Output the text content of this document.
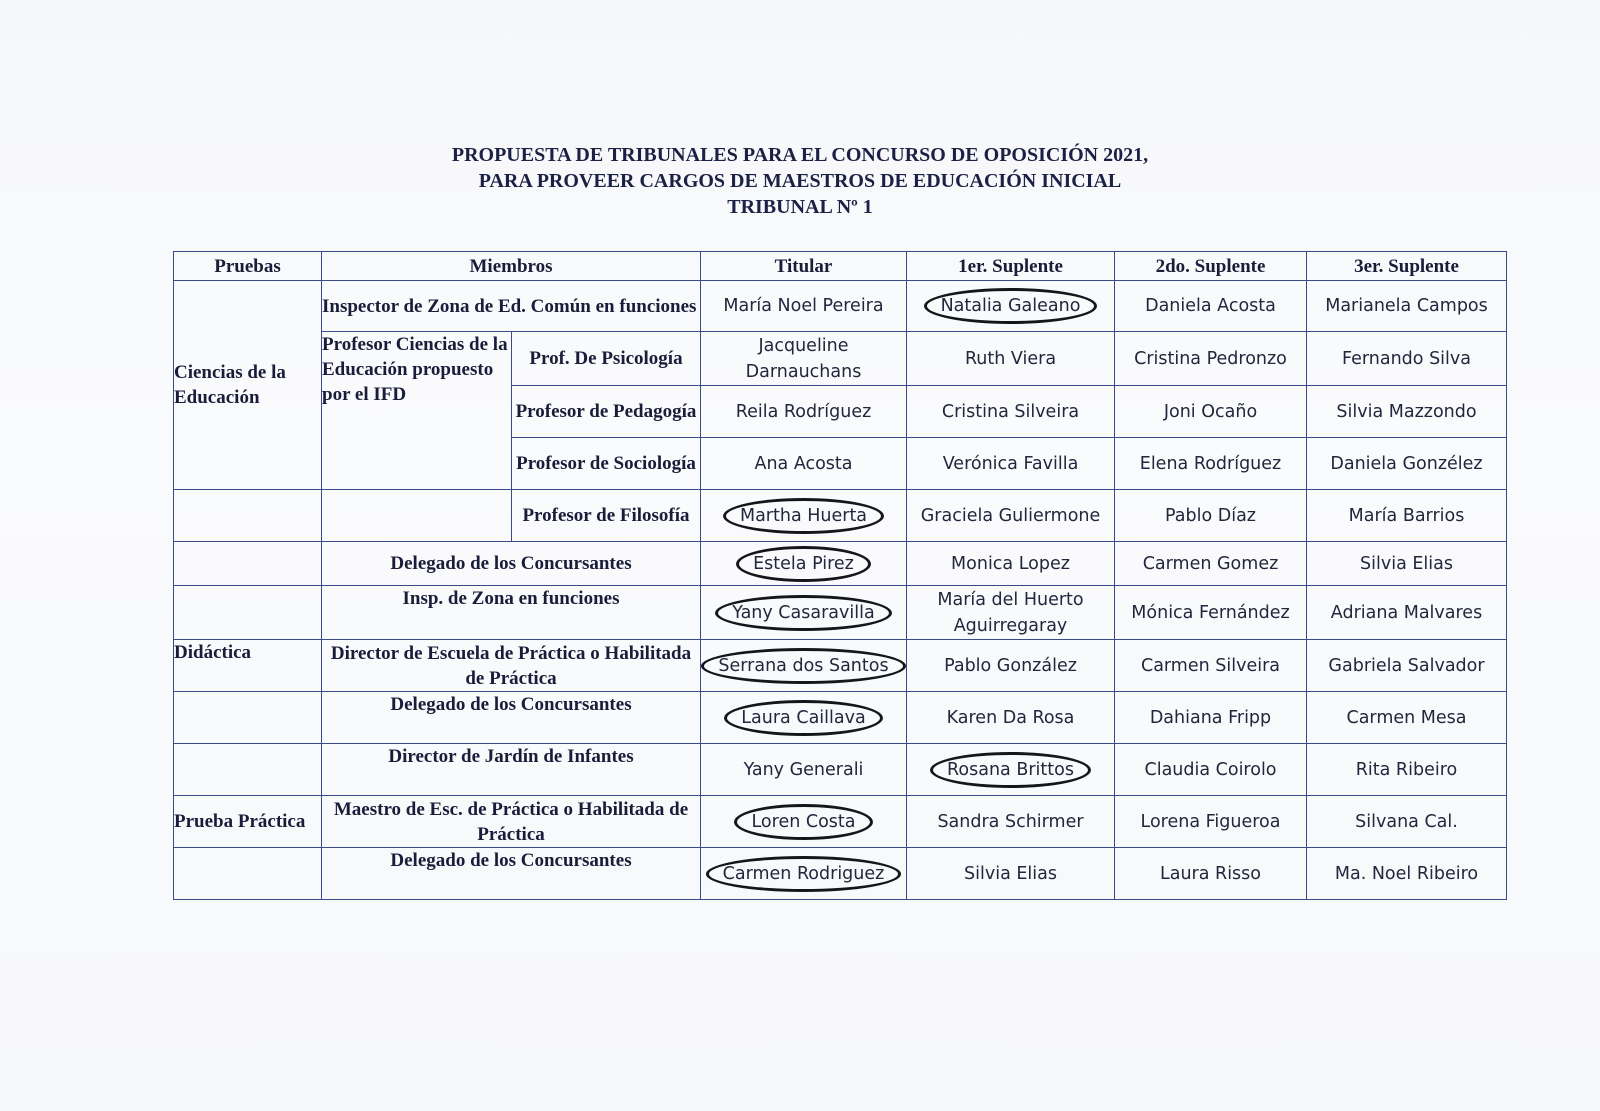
PROPUESTA DE TRIBUNALES PARA EL CONCURSO DE OPOSICIÓN 2021,
PARA PROVEER CARGOS DE MAESTROS DE EDUCACIÓN INICIAL
TRIBUNAL Nº 1
Pruebas	Miembros		Titular	1er. Suplente	2do. Suplente	3er. Suplente
Ciencias de la Educación	Inspector de Zona de Ed. Común en funciones		María Noel Pereira	Natalia Galeano	Daniela Acosta	Marianela Campos
	Profesor Ciencias de la Educación propuesto por el IFD	Prof. De Psicología	Jacqueline Darnauchans	Ruth Viera	Cristina Pedronzo	Fernando Silva
		Profesor de Pedagogía	Reila Rodríguez	Cristina Silveira	Joni Ocaño	Silvia Mazzondo
		Profesor de Sociología	Ana Acosta	Verónica Favilla	Elena Rodríguez	Daniela Gonzélez
		Profesor de Filosofía	Martha Huerta	Graciela Guliermone	Pablo Díaz	María Barrios
	Delegado de los Concursantes		Estela Pirez	Monica Lopez	Carmen Gomez	Silvia Elias
	Insp. de Zona en funciones		Yany Casaravilla	María del Huerto Aguirregaray	Mónica Fernández	Adriana Malvares
Didáctica	Director de Escuela de Práctica o Habilitada de Práctica		Serrana dos Santos	Pablo González	Carmen Silveira	Gabriela Salvador
	Delegado de los Concursantes		Laura Caillava	Karen Da Rosa	Dahiana Fripp	Carmen Mesa
	Director de Jardín de Infantes		Yany Generali	Rosana Brittos	Claudia Coirolo	Rita Ribeiro
Prueba Práctica	Maestro de Esc. de Práctica o Habilitada de Práctica		Loren Costa	Sandra Schirmer	Lorena Figueroa	Silvana Cal.
	Delegado de los Concursantes		Carmen Rodriguez	Silvia Elias	Laura Risso	Ma. Noel Ribeiro
